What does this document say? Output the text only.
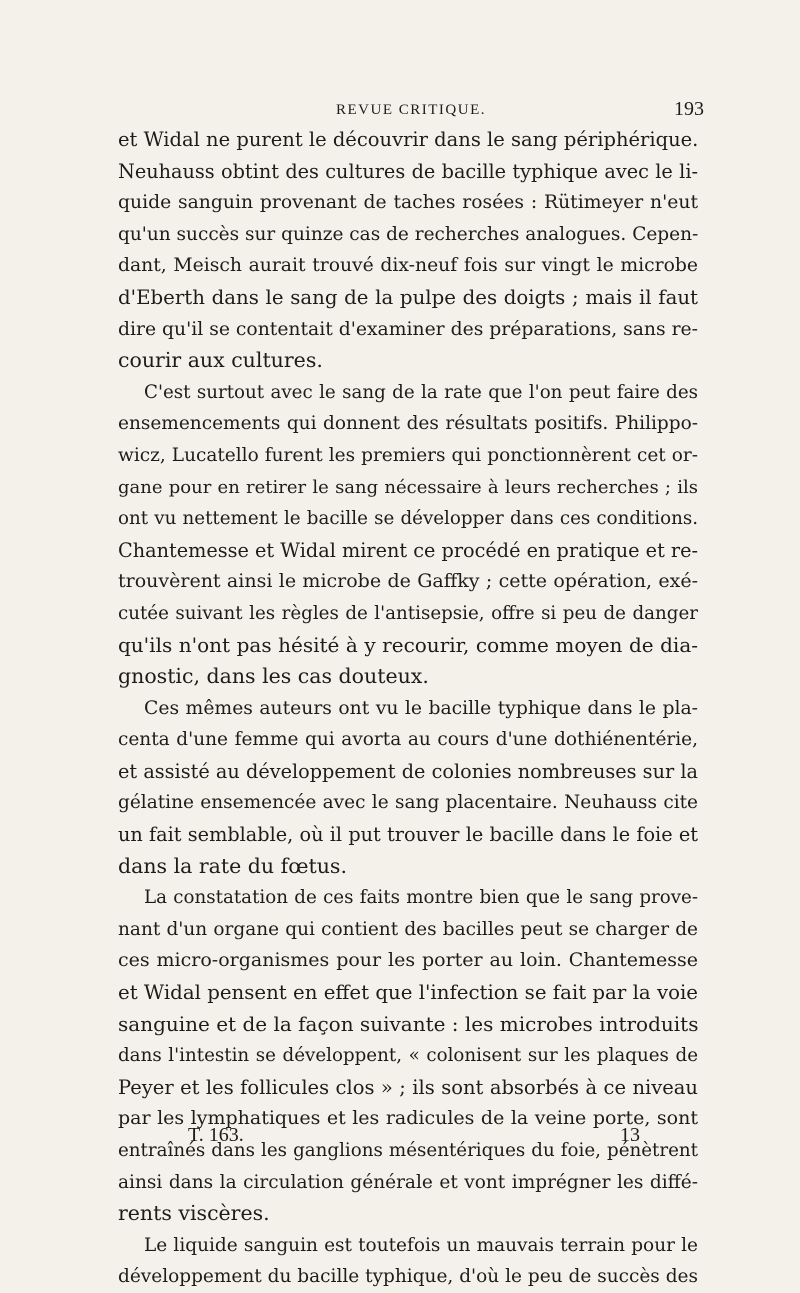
REVUE CRITIQUE.	193
et Widal ne purent le découvrir dans le sang périphérique.
Neuhauss obtint des cultures de bacille typhique avec le li-
quide sanguin provenant de taches rosées : Rütimeyer n'eut
qu'un succès sur quinze cas de recherches analogues. Cepen-
dant, Meisch aurait trouvé dix-neuf fois sur vingt le microbe
d'Eberth dans le sang de la pulpe des doigts ; mais il faut
dire qu'il se contentait d'examiner des préparations, sans re-
courir aux cultures.
C'est surtout avec le sang de la rate que l'on peut faire des
ensemencements qui donnent des résultats positifs. Philippo-
wicz, Lucatello furent les premiers qui ponctionnèrent cet or-
gane pour en retirer le sang nécessaire à leurs recherches ; ils
ont vu nettement le bacille se développer dans ces conditions.
Chantemesse et Widal mirent ce procédé en pratique et re-
trouvèrent ainsi le microbe de Gaffky ; cette opération, exé-
cutée suivant les règles de l'antisepsie, offre si peu de danger
qu'ils n'ont pas hésité à y recourir, comme moyen de dia-
gnostic, dans les cas douteux.
Ces mêmes auteurs ont vu le bacille typhique dans le pla-
centa d'une femme qui avorta au cours d'une dothiénentérie,
et assisté au développement de colonies nombreuses sur la
gélatine ensemencée avec le sang placentaire. Neuhauss cite
un fait semblable, où il put trouver le bacille dans le foie et
dans la rate du fœtus.
La constatation de ces faits montre bien que le sang prove-
nant d'un organe qui contient des bacilles peut se charger de
ces micro-organismes pour les porter au loin. Chantemesse
et Widal pensent en effet que l'infection se fait par la voie
sanguine et de la façon suivante : les microbes introduits
dans l'intestin se développent, « colonisent sur les plaques de
Peyer et les follicules clos » ; ils sont absorbés à ce niveau
par les lymphatiques et les radicules de la veine porte, sont
entraînés dans les ganglions mésentériques du foie, pénètrent
ainsi dans la circulation générale et vont imprégner les diffé-
rents viscères.
Le liquide sanguin est toutefois un mauvais terrain pour le
développement du bacille typhique, d'où le peu de succès des
T. 163.	13
